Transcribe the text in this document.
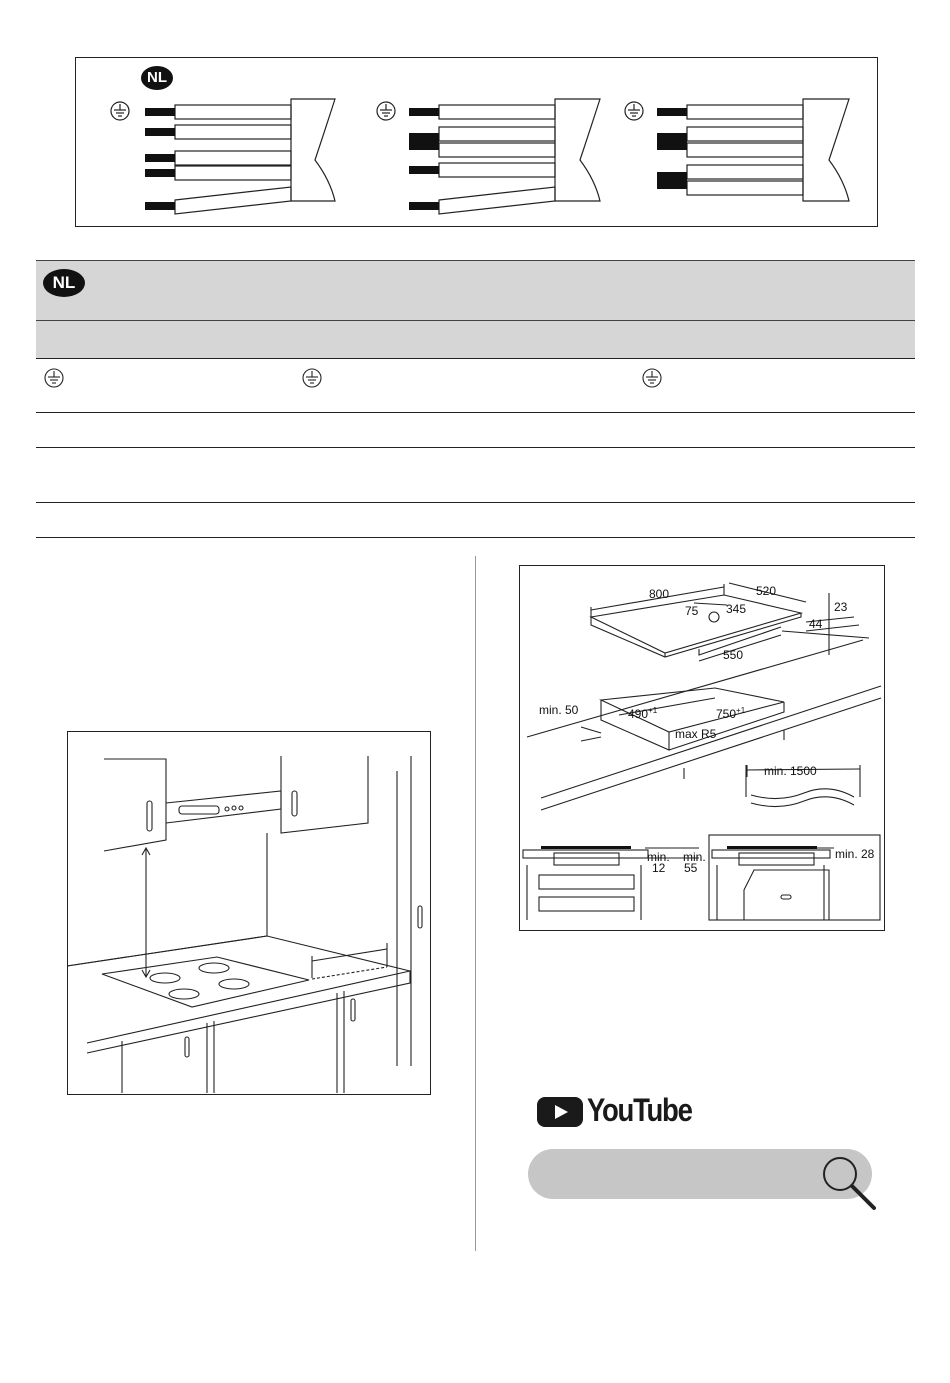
NL
NL
800	520
75 345	23
44
550
min. 50	$490^{+1}$	$750^{+1}$
max R5
min. 1500
min.
12
min.
55
min. 28
YouTube
